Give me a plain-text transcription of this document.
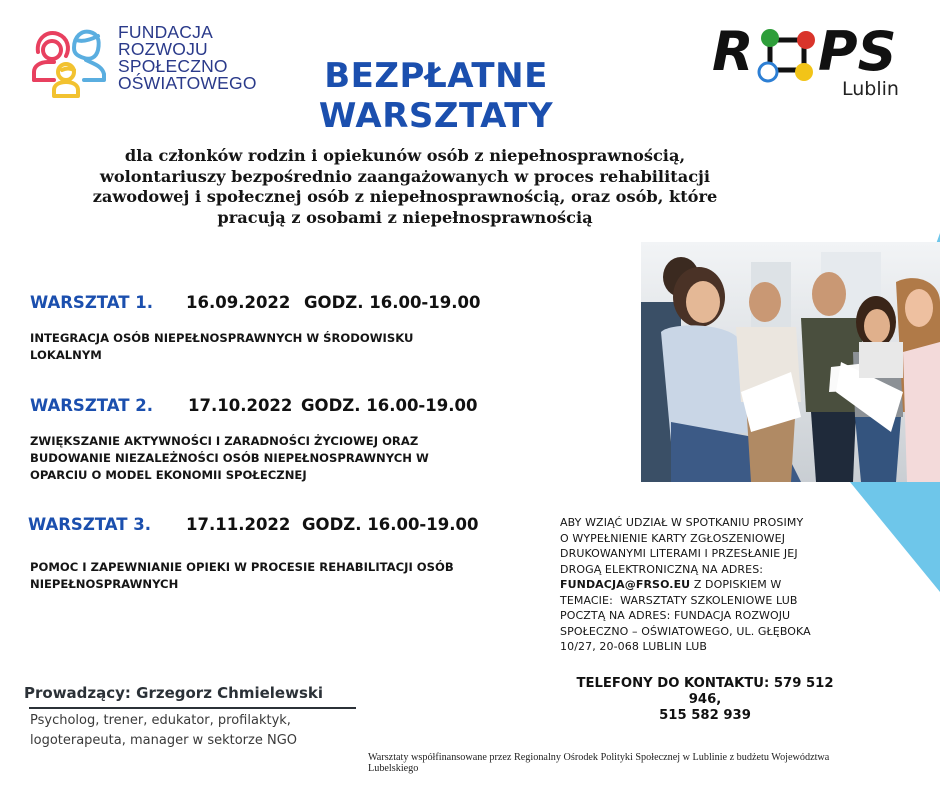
FUNDACJA
ROZWOJU
SPOŁECZNO
OŚWIATOWEGO	R PS
Lublin
BEZPŁATNE
WARSZTATY
dla członków rodzin i opiekunów osób z niepełnosprawnością,
wolontariuszy bezpośrednio zaangażowanych w proces rehabilitacji
zawodowej i społecznej osób z niepełnosprawnością, oraz osób, które
pracują z osobami z niepełnosprawnością
WARSZTAT 1. 16.09.2022 GODZ. 16.00-19.00
INTEGRACJA OSÓB NIEPEŁNOSPRAWNYCH W ŚRODOWISKU
LOKALNYM
WARSZTAT 2. 17.10.2022 GODZ. 16.00-19.00
ZWIĘKSZANIE AKTYWNOŚCI I ZARADNOŚCI ŻYCIOWEJ ORAZ
BUDOWANIE NIEZALEŻNOŚCI OSÓB NIEPEŁNOSPRAWNYCH W
OPARCIU O MODEL EKONOMII SPOŁECZNEJ
WARSZTAT 3. 17.11.2022 GODZ. 16.00-19.00
POMOC I ZAPEWNIANIE OPIEKI W PROCESIE REHABILITACJI OSÓB
NIEPEŁNOSPRAWNYCH
ABY WZIĄĆ UDZIAŁ W SPOTKANIU PROSIMY
O WYPEŁNIENIE KARTY ZGŁOSZENIOWEJ
DRUKOWANYMI LITERAMI I PRZESŁANIE JEJ
DROGĄ ELEKTRONICZNĄ NA ADRES:
FUNDACJA@FRSO.EU Z DOPISKIEM W
TEMACIE:  WARSZTATY SZKOLENIOWE LUB
POCZTĄ NA ADRES: FUNDACJA ROZWOJU
SPOŁECZNO – OŚWIATOWEGO, UL. GŁĘBOKA
10/27, 20-068 LUBLIN LUB
TELEFONY DO KONTAKTU: 579 512 946,
515 582 939
Prowadzący: Grzegorz Chmielewski
Psycholog, trener, edukator, profilaktyk,
logoterapeuta, manager w sektorze NGO
Warsztaty współfinansowane przez Regionalny Ośrodek Polityki Społecznej w Lublinie z budżetu Województwa
Lubelskiego
